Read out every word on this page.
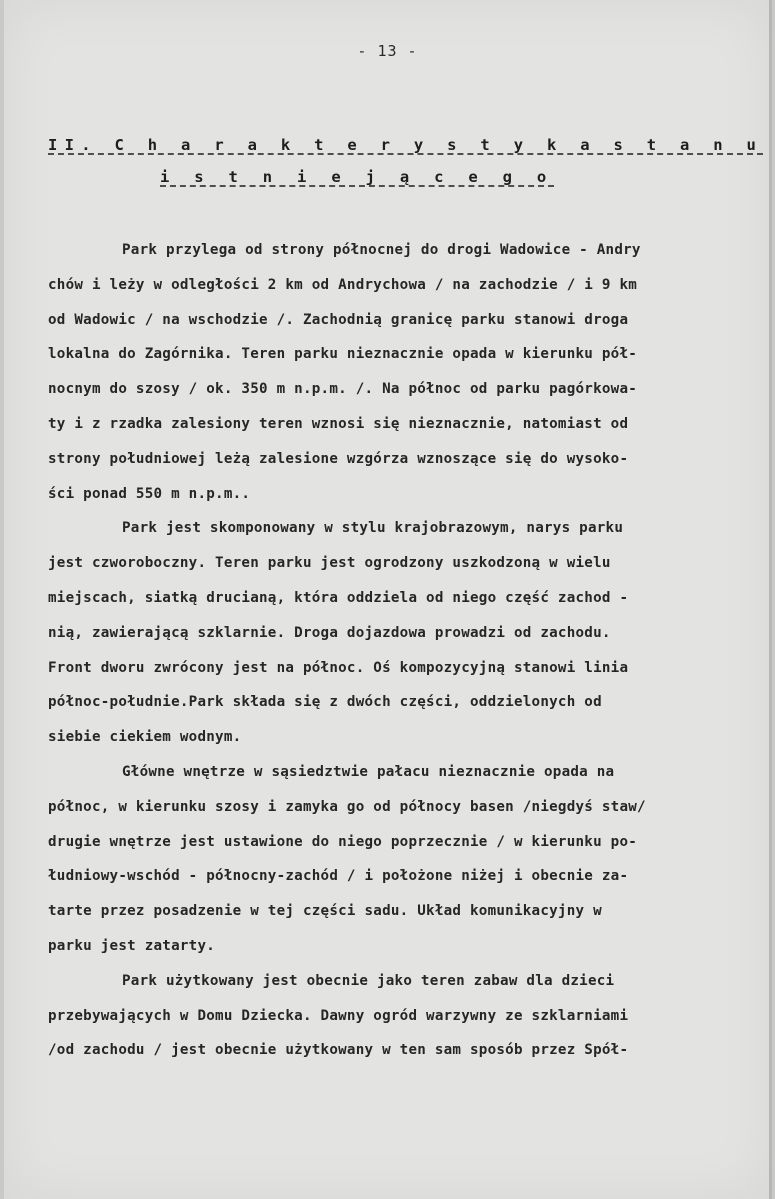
- 13 -
II. C h a r a k t e r y s t y k a s t a n u
i s t n i e j ą c e g o
Park przylega od strony północnej do drogi Wadowice - Andry
chów i leży w odległości 2 km od Andrychowa / na zachodzie / i 9 km
od Wadowic / na wschodzie /. Zachodnią granicę parku stanowi droga
lokalna do Zagórnika. Teren parku nieznacznie opada w kierunku pół-
nocnym do szosy / ok. 350 m n.p.m. /. Na północ od parku pagórkowa-
ty i z rzadka zalesiony teren wznosi się nieznacznie, natomiast od
strony południowej leżą zalesione wzgórza wznoszące się do wysoko-
ści ponad 550 m n.p.m..
Park jest skomponowany w stylu krajobrazowym, narys parku
jest czworoboczny. Teren parku jest ogrodzony uszkodzoną w wielu
miejscach, siatką drucianą, która oddziela od niego część zachod -
nią, zawierającą szklarnie. Droga dojazdowa prowadzi od zachodu.
Front dworu zwrócony jest na północ. Oś kompozycyjną stanowi linia
północ-południe.Park składa się z dwóch części, oddzielonych od
siebie ciekiem wodnym.
Główne wnętrze w sąsiedztwie pałacu nieznacznie opada na
północ, w kierunku szosy i zamyka go od północy basen /niegdyś staw/
drugie wnętrze jest ustawione do niego poprzecznie / w kierunku po-
łudniowy-wschód - północny-zachód / i położone niżej i obecnie za-
tarte przez posadzenie w tej części sadu. Układ komunikacyjny w
parku jest zatarty.
Park użytkowany jest obecnie jako teren zabaw dla dzieci
przebywających w Domu Dziecka. Dawny ogród warzywny ze szklarniami
/od zachodu / jest obecnie użytkowany w ten sam sposób przez Spół-
